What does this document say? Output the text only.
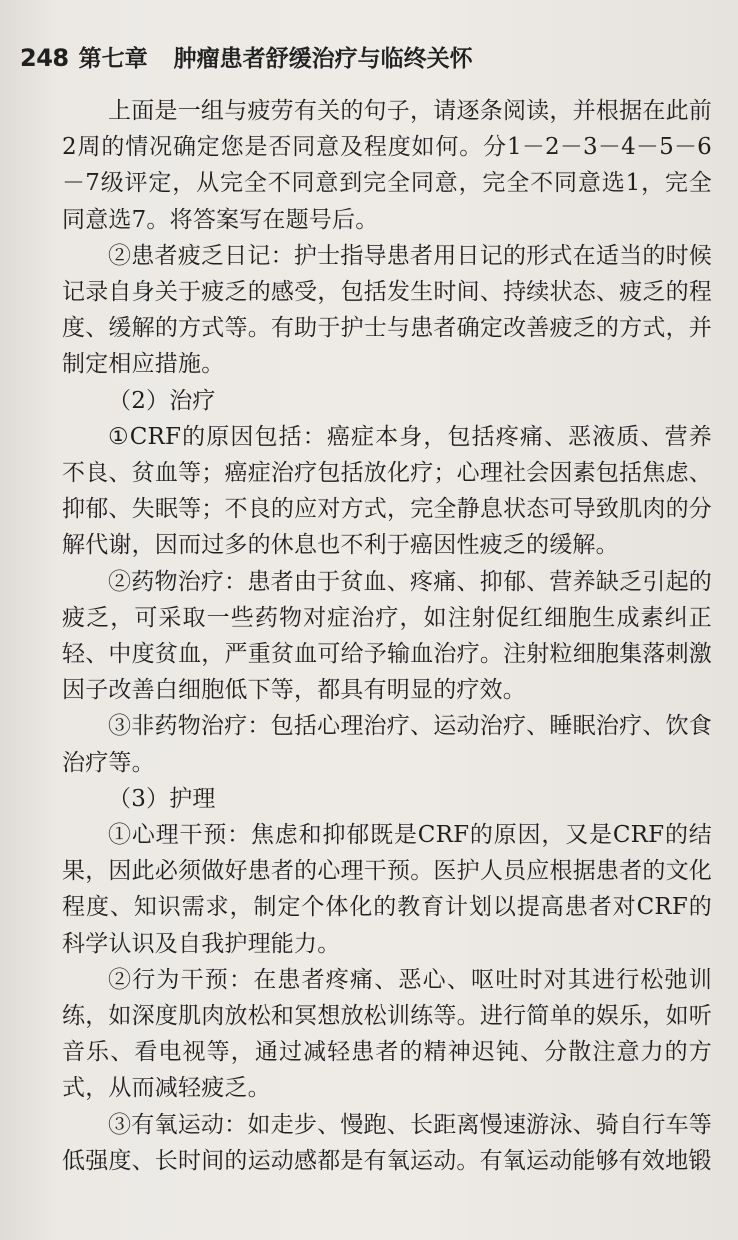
248 第七章 肿瘤患者舒缓治疗与临终关怀

上面是一组与疲劳有关的句子，请逐条阅读，并根据在此前2周的情况确定您是否同意及程度如何。分1－2－3－4－5－6－7级评定，从完全不同意到完全同意，完全不同意选1，完全同意选7。将答案写在题号后。

②患者疲乏日记：护士指导患者用日记的形式在适当的时候记录自身关于疲乏的感受，包括发生时间、持续状态、疲乏的程度、缓解的方式等。有助于护士与患者确定改善疲乏的方式，并制定相应措施。

（2）治疗

①CRF的原因包括：癌症本身，包括疼痛、恶液质、营养不良、贫血等；癌症治疗包括放化疗；心理社会因素包括焦虑、抑郁、失眠等；不良的应对方式，完全静息状态可导致肌肉的分解代谢，因而过多的休息也不利于癌因性疲乏的缓解。

②药物治疗：患者由于贫血、疼痛、抑郁、营养缺乏引起的疲乏，可采取一些药物对症治疗，如注射促红细胞生成素纠正轻、中度贫血，严重贫血可给予输血治疗。注射粒细胞集落刺激因子改善白细胞低下等，都具有明显的疗效。

③非药物治疗：包括心理治疗、运动治疗、睡眠治疗、饮食治疗等。

（3）护理

①心理干预：焦虑和抑郁既是CRF的原因，又是CRF的结果，因此必须做好患者的心理干预。医护人员应根据患者的文化程度、知识需求，制定个体化的教育计划以提高患者对CRF的科学认识及自我护理能力。

②行为干预：在患者疼痛、恶心、呕吐时对其进行松弛训练，如深度肌肉放松和冥想放松训练等。进行简单的娱乐，如听音乐、看电视等，通过减轻患者的精神迟钝、分散注意力的方式，从而减轻疲乏。

③有氧运动：如走步、慢跑、长距离慢速游泳、骑自行车等低强度、长时间的运动感都是有氧运动。有氧运动能够有效地锻
